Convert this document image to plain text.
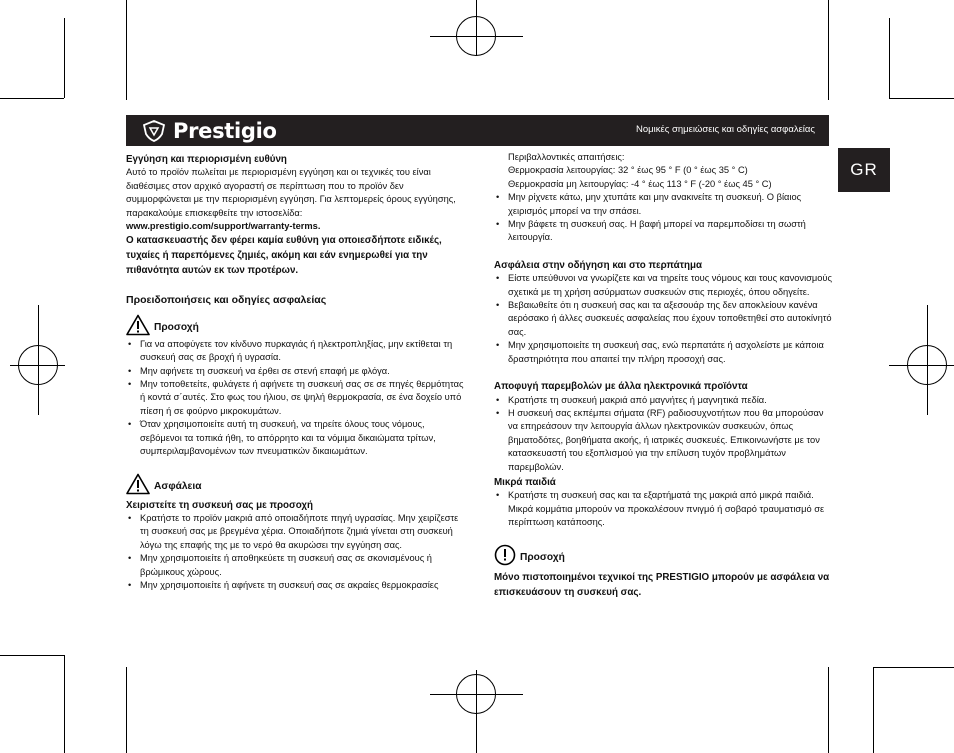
Prestigio	Νομικές σημειώσεις και οδηγίες ασφαλείας
GR

Εγγύηση και περιορισμένη ευθύνη

Αυτό το προϊόν πωλείται με περιορισμένη εγγύηση και οι τεχνικές του είναι διαθέσιμες στον αρχικό αγοραστή σε περίπτωση που το προϊόν δεν συμμορφώνεται με την περιορισμένη εγγύηση. Για λεπτομερείς όρους εγγύησης, παρακαλούμε επισκεφθείτε την ιστοσελίδα:

www.prestigio.com/support/warranty-terms.

Ο κατασκευαστής δεν φέρει καμία ευθύνη για οποιεσδήποτε ειδικές, τυχαίες ή παρεπόμενες ζημιές, ακόμη και εάν ενημερωθεί για την πιθανότητα αυτών εκ των προτέρων.

Προειδοποιήσεις και οδηγίες ασφαλείας

Προσοχή
• Για να αποφύγετε τον κίνδυνο πυρκαγιάς ή ηλεκτροπληξίας, μην εκτίθεται τη συσκευή σας σε βροχή ή υγρασία.
• Μην αφήνετε τη συσκευή να έρθει σε στενή επαφή με φλόγα.
• Μην τοποθετείτε, φυλάγετε ή αφήνετε τη συσκευή σας σε σε πηγές θερμότητας ή κοντά σ΄αυτές. Στο φως του ήλιου, σε ψηλή θερμοκρασία, σε ένα δοχείο υπό πίεση ή σε φούρνο μικροκυμάτων.
• Όταν χρησιμοποιείτε αυτή τη συσκευή, να τηρείτε όλους τους νόμους, σεβόμενοι τα τοπικά ήθη, το απόρρητο και τα νόμιμα δικαιώματα τρίτων, συμπεριλαμβανομένων των πνευματικών δικαιωμάτων.
Ασφάλεια

Χειριστείτε τη συσκευή σας με προσοχή

• Κρατήστε το προϊόν μακριά από οποιαδήποτε πηγή υγρασίας. Μην χειρίζεστε τη συσκευή σας με βρεγμένα χέρια. Οποιαδήποτε ζημιά γίνεται στη συσκευή λόγω της επαφής της με το νερό θα ακυρώσει την εγγύηση σας.
• Μην χρησιμοποιείτε ή αποθηκεύετε τη συσκευή σας σε σκονισμένους ή βρώμικους χώρους.
• Μην χρησιμοποιείτε ή αφήνετε τη συσκευή σας σε ακραίες θερμοκρασίες

Περιβαλλοντικές απαιτήσεις:

Θερμοκρασία λειτουργίας: 32 ° έως 95 ° F (0 ° έως 35 ° C)

Θερμοκρασία μη λειτουργίας: -4 ° έως 113 ° F (-20 ° έως 45 ° C)

• Μην ρίχνετε κάτω, μην χτυπάτε και μην ανακινείτε τη συσκευή. Ο βίαιος χειρισμός μπορεί να την σπάσει.
• Μην βάφετε τη συσκευή σας. Η βαφή μπορεί να παρεμποδίσει τη σωστή λειτουργία.

Ασφάλεια στην οδήγηση και στο περπάτημα

• Είστε υπεύθυνοι να γνωρίζετε και να τηρείτε τους νόμους και τους κανονισμούς σχετικά με τη χρήση ασύρματων συσκευών στις περιοχές, όπου οδηγείτε.
• Βεβαιωθείτε ότι η συσκευή σας και τα αξεσουάρ της δεν αποκλείουν κανένα αερόσακο ή άλλες συσκευές ασφαλείας που έχουν τοποθετηθεί στο αυτοκίνητό σας.
• Μην χρησιμοποιείτε τη συσκευή σας, ενώ περπατάτε ή ασχολείστε με κάποια δραστηριότητα που απαιτεί την πλήρη προσοχή σας.

Αποφυγή παρεμβολών με άλλα ηλεκτρονικά προϊόντα

• Κρατήστε τη συσκευή μακριά από μαγνήτες ή μαγνητικά πεδία.
• Η συσκευή σας εκπέμπει σήματα (RF) ραδιοσυχνοτήτων που θα μπορούσαν να επηρεάσουν την λειτουργία άλλων ηλεκτρονικών συσκευών, όπως βηματοδότες, βοηθήματα ακοής, ή ιατρικές συσκευές. Επικοινωνήστε με τον κατασκευαστή του εξοπλισμού για την επίλυση τυχόν προβλημάτων παρεμβολών.

Μικρά παιδιά

• Κρατήστε τη συσκευή σας και τα εξαρτήματά της μακριά από μικρά παιδιά. Μικρά κομμάτια μπορούν να προκαλέσουν πνιγμό ή σοβαρό τραυματισμό σε περίπτωση κατάποσης.
Προσοχή

Μόνο πιστοποιημένοι τεχνικοί της PRESTIGIO μπορούν με ασφάλεια να επισκευάσουν τη συσκευή σας.
